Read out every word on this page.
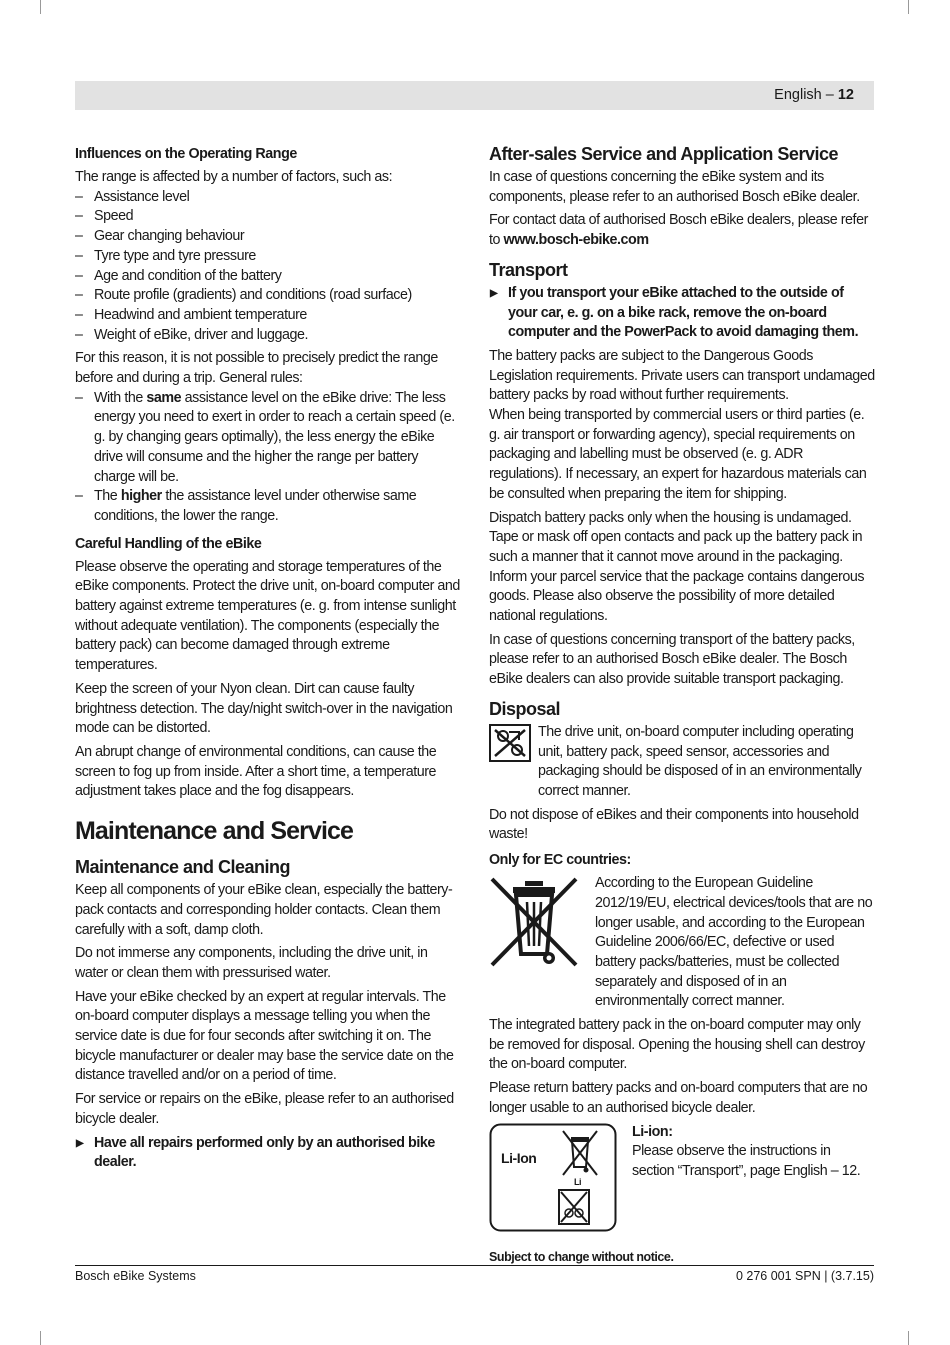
English – 12
Influences on the Operating Range

The range is affected by a number of factors, such as:

– Assistance level
– Speed
– Gear changing behaviour
– Tyre type and tyre pressure
– Age and condition of the battery
– Route profile (gradients) and conditions (road surface)
– Headwind and ambient temperature
– Weight of eBike, driver and luggage.

For this reason, it is not possible to precisely predict the range before and during a trip. General rules:

– With the same assistance level on the eBike drive: The less energy you need to exert in order to reach a certain speed (e. g. by changing gears optimally), the less energy the eBike drive will consume and the higher the range per battery charge will be.
– The higher the assistance level under otherwise same conditions, the lower the range.
Careful Handling of the eBike

Please observe the operating and storage temperatures of the eBike components. Protect the drive unit, on-board computer and battery against extreme temperatures (e. g. from intense sunlight without adequate ventilation). The components (especially the battery pack) can become damaged through extreme temperatures.

Keep the screen of your Nyon clean. Dirt can cause faulty brightness detection. The day/night switch-over in the navigation mode can be distorted.

An abrupt change of environmental conditions, can cause the screen to fog up from inside. After a short time, a temperature adjustment takes place and the fog disappears.

Maintenance and Service
Maintenance and Cleaning

Keep all components of your eBike clean, especially the battery-pack contacts and corresponding holder contacts. Clean them carefully with a soft, damp cloth.

Do not immerse any components, including the drive unit, in water or clean them with pressurised water.

Have your eBike checked by an expert at regular intervals. The on-board computer displays a message telling you when the service date is due for four seconds after switching it on. The bicycle manufacturer or dealer may base the service date on the distance travelled and/or on a period of time.

For service or repairs on the eBike, please refer to an authorised bicycle dealer.

▶ Have all repairs performed only by an authorised bike dealer.
After-sales Service and Application Service

In case of questions concerning the eBike system and its components, please refer to an authorised Bosch eBike dealer.

For contact data of authorised Bosch eBike dealers, please refer to www.bosch-ebike.com

Transport
▶ If you transport your eBike attached to the outside of your car, e. g. on a bike rack, remove the on-board computer and the PowerPack to avoid damaging them.

The battery packs are subject to the Dangerous Goods Legislation requirements. Private users can transport undamaged battery packs by road without further requirements.

When being transported by commercial users or third parties (e. g. air transport or forwarding agency), special requirements on packaging and labelling must be observed (e. g. ADR regulations). If necessary, an expert for hazardous materials can be consulted when preparing the item for shipping.

Dispatch battery packs only when the housing is undamaged. Tape or mask off open contacts and pack up the battery pack in such a manner that it cannot move around in the packaging. Inform your parcel service that the package contains dangerous goods. Please also observe the possibility of more detailed national regulations.

In case of questions concerning transport of the battery packs, please refer to an authorised Bosch eBike dealer. The Bosch eBike dealers can also provide suitable transport packaging.

Disposal
The drive unit, on-board computer including operating unit, battery pack, speed sensor, accessories and packaging should be disposed of in an environmentally correct manner.

Do not dispose of eBikes and their components into household waste!

Only for EC countries:
According to the European Guideline 2012/19/EU, electrical devices/tools that are no longer usable, and according to the European Guideline 2006/66/EC, defective or used battery packs/batteries, must be collected separately and disposed of in an environmentally correct manner.

The integrated battery pack in the on-board computer may only be removed for disposal. Opening the housing shell can destroy the on-board computer.

Please return battery packs and on-board computers that are no longer usable to an authorised bicycle dealer.

Li-Ion
Li
Li-ion:
Please observe the instructions in section “Transport”, page English – 12.
Subject to change without notice.
Bosch eBike Systems	0 276 001 SPN | (3.7.15)
